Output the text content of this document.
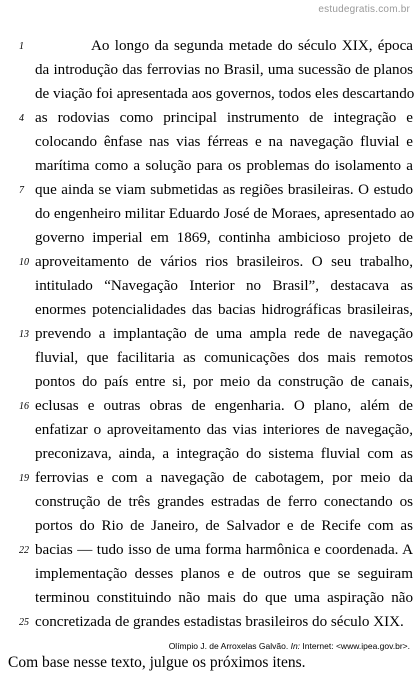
estudegratis.com.br
1	Ao longo da segunda metade do século XIX, época
da introdução das ferrovias no Brasil, uma sucessão de planos
de viação foi apresentada aos governos, todos eles descartando
4 as rodovias como principal instrumento de integração e
colocando ênfase nas vias férreas e na navegação fluvial e
marítima como a solução para os problemas do isolamento a
7 que ainda se viam submetidas as regiões brasileiras. O estudo
do engenheiro militar Eduardo José de Moraes, apresentado ao
governo imperial em 1869, continha ambicioso projeto de
10 aproveitamento de vários rios brasileiros. O seu trabalho,
intitulado “Navegação Interior no Brasil”, destacava as
enormes potencialidades das bacias hidrográficas brasileiras,
13 prevendo a implantação de uma ampla rede de navegação
fluvial, que facilitaria as comunicações dos mais remotos
pontos do país entre si, por meio da construção de canais,
16 eclusas e outras obras de engenharia. O plano, além de
enfatizar o aproveitamento das vias interiores de navegação,
preconizava, ainda, a integração do sistema fluvial com as
19 ferrovias e com a navegação de cabotagem, por meio da
construção de três grandes estradas de ferro conectando os
portos do Rio de Janeiro, de Salvador e de Recife com as
22 bacias — tudo isso de uma forma harmônica e coordenada. A
implementação desses planos e de outros que se seguiram
terminou constituindo não mais do que uma aspiração não
25 concretizada de grandes estadistas brasileiros do século XIX.
Olímpio J. de Arroxelas Galvão. In: Internet: <www.ipea.gov.br>.
Com base nesse texto, julgue os próximos itens.
